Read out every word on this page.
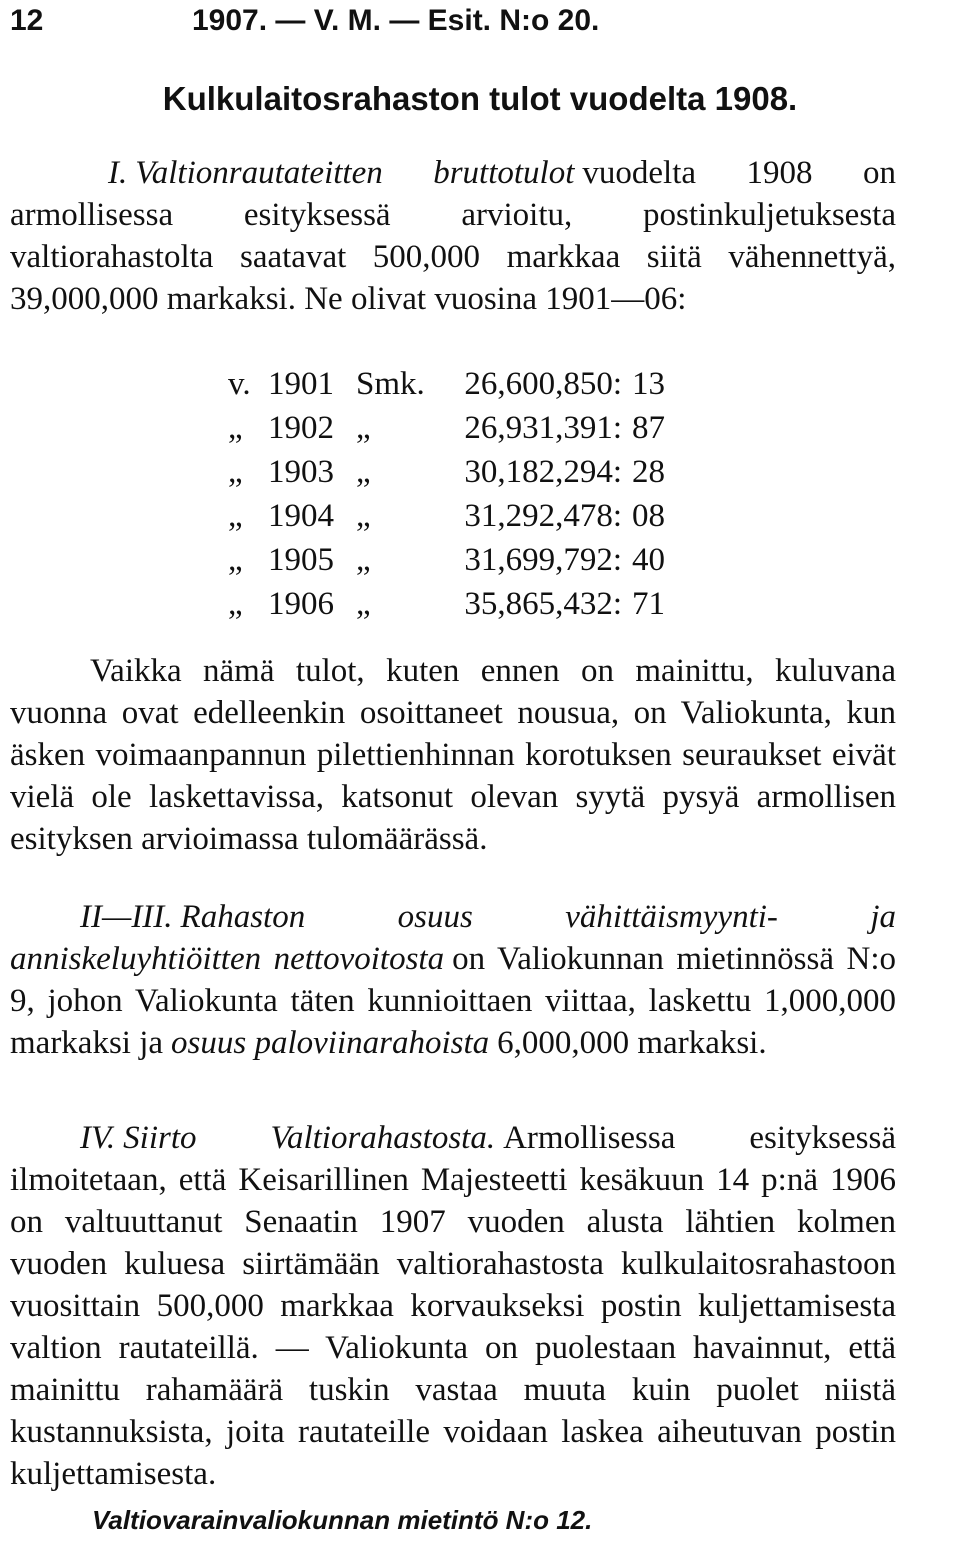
12	1907. — V. M. — Esit. N:o 20.
Kulkulaitosrahaston tulot vuodelta 1908.

I. Valtionrautateitten bruttotulot vuodelta 1908 on armollisessa esityksessä arvioitu, postinkuljetuksesta valtiorahastolta saatavat 500,000 markkaa siitä vähennettyä, 39,000,000 markaksi. Ne olivat vuosina 1901—06:

v. 1901 Smk.	26,600,850: 13
„ 1902 „	26,931,391: 87
„ 1903 „	30,182,294: 28
„ 1904 „	31,292,478: 08
„ 1905 „	31,699,792: 40
„ 1906 „	35,865,432: 71

Vaikka nämä tulot, kuten ennen on mainittu, kuluvana vuonna ovat edelleenkin osoittaneet nousua, on Valiokunta, kun äsken voimaanpannun pilettienhinnan korotuksen seuraukset eivät vielä ole laskettavissa, katsonut olevan syytä pysyä armollisen esityksen arvioimassa tulomäärässä.

II—III. Rahaston osuus vähittäismyynti- ja anniskeluyhtiöitten nettovoitosta on Valiokunnan mietinnössä N:o 9, johon Valiokunta täten kunnioittaen viittaa, laskettu 1,000,000 markaksi ja osuus paloviinarahoista 6,000,000 markaksi.

IV. Siirto Valtiorahastosta. Armollisessa esityksessä ilmoitetaan, että Keisarillinen Majesteetti kesäkuun 14 p:nä 1906 on valtuuttanut Senaatin 1907 vuoden alusta lähtien kolmen vuoden kuluesa siirtämään valtiorahastosta kulkulaitosrahastoon vuosittain 500,000 markkaa korvaukseksi postin kuljettamisesta valtion rautateillä. — Valiokunta on puolestaan havainnut, että mainittu rahamäärä tuskin vastaa muuta kuin puolet niistä kustannuksista, joita rautateille voidaan laskea aiheutuvan postin kuljettamisesta.

Valtiovarainvaliokunnan mietintö N:o 12.
